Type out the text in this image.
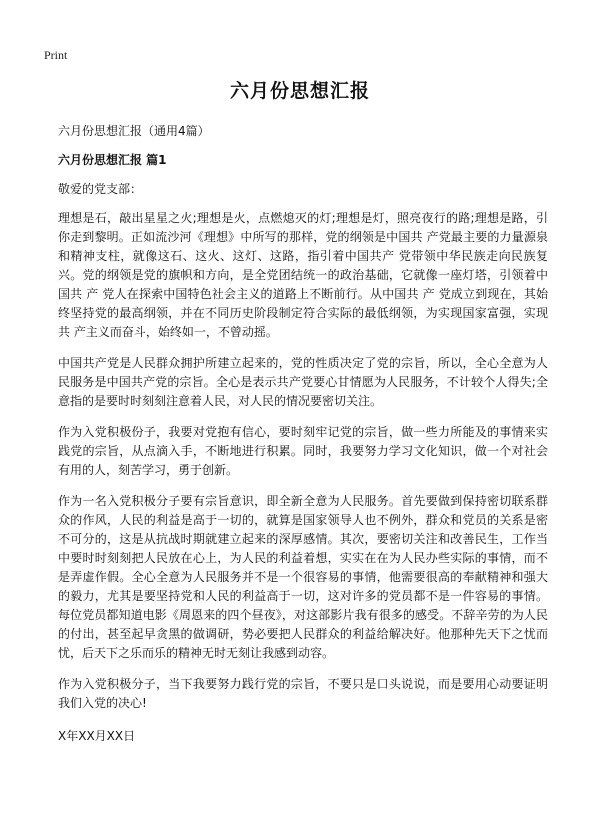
Print
六月份思想汇报

六月份思想汇报（通用4篇）

六月份思想汇报 篇1

敬爱的党支部：

理想是石，敲出星星之火;理想是火，点燃熄灭的灯;理想是灯，照亮夜行的路;理想是路，引你走到黎明。正如流沙河《理想》中所写的那样，党的纲领是中国共 产党最主要的力量源泉和精神支柱，就像这石、这火、这灯、这路，指引着中国共产 党带领中华民族走向民族复兴。党的纲领是党的旗帜和方向，是全党团结统一的政治基础，它就像一座灯塔，引领着中国共 产 党人在探索中国特色社会主义的道路上不断前行。从中国共 产 党成立到现在，其始终坚持党的最高纲领，并在不同历史阶段制定符合实际的最低纲领，为实现国家富强，实现共 产主义而奋斗，始终如一，不曾动摇。

中国共产党是人民群众拥护所建立起来的，党的性质决定了党的宗旨，所以，全心全意为人民服务是中国共产党的宗旨。全心是表示共产党要心甘情愿为人民服务，不计较个人得失;全意指的是要时时刻刻注意着人民，对人民的情况要密切关注。

作为入党积极份子，我要对党抱有信心，要时刻牢记党的宗旨，做一些力所能及的事情来实践党的宗旨，从点滴入手，不断地进行积累。同时，我要努力学习文化知识，做一个对社会有用的人，刻苦学习，勇于创新。

作为一名入党积极分子要有宗旨意识，即全新全意为人民服务。首先要做到保持密切联系群众的作风，人民的利益是高于一切的，就算是国家领导人也不例外，群众和党员的关系是密不可分的，这是从抗战时期就建立起来的深厚感情。其次，要密切关注和改善民生，工作当中要时时刻刻把人民放在心上，为人民的利益着想，实实在在为人民办些实际的事情，而不是弄虚作假。全心全意为人民服务并不是一个很容易的事情，他需要很高的奉献精神和强大的毅力，尤其是要坚持党和人民的利益高于一切，这对许多的党员都不是一件容易的事情。每位党员都知道电影《周恩来的四个昼夜》，对这部影片我有很多的感受。不辞辛劳的为人民的付出，甚至起早贪黑的做调研，势必要把人民群众的利益给解决好。他那种先天下之忧而忧，后天下之乐而乐的精神无时无刻让我感到动容。

作为入党积极分子，当下我要努力践行党的宗旨，不要只是口头说说，而是要用心动要证明我们入党的决心!

X年XX月XX日
